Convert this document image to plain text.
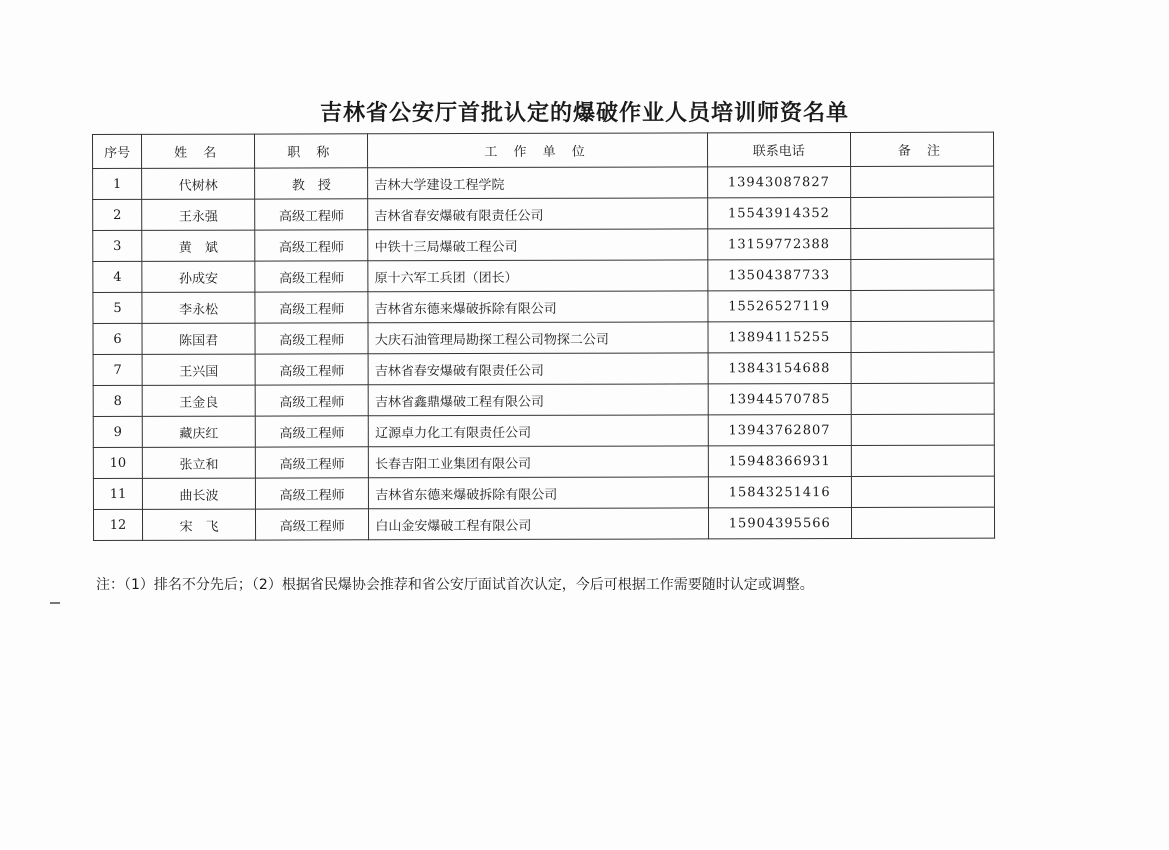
吉林省公安厅首批认定的爆破作业人员培训师资名单
序号	姓 名	职 称	工 作 单 位	联系电话	备 注
1	代树林	教　授	吉林大学建设工程学院	13943087827	
2	王永强	高级工程师	吉林省春安爆破有限责任公司	15543914352	
3	黄　斌	高级工程师	中铁十三局爆破工程公司	13159772388	
4	孙成安	高级工程师	原十六军工兵团（团长）	13504387733	
5	李永松	高级工程师	吉林省东德来爆破拆除有限公司	15526527119	
6	陈国君	高级工程师	大庆石油管理局勘探工程公司物探二公司	13894115255	
7	王兴国	高级工程师	吉林省春安爆破有限责任公司	13843154688	
8	王金良	高级工程师	吉林省鑫鼎爆破工程有限公司	13944570785	
9	藏庆红	高级工程师	辽源卓力化工有限责任公司	13943762807	
10	张立和	高级工程师	长春吉阳工业集团有限公司	15948366931	
11	曲长波	高级工程师	吉林省东德来爆破拆除有限公司	15843251416	
12	宋　飞	高级工程师	白山金安爆破工程有限公司	15904395566	
注：（1）排名不分先后；（2）根据省民爆协会推荐和省公安厅面试首次认定，今后可根据工作需要随时认定或调整。
